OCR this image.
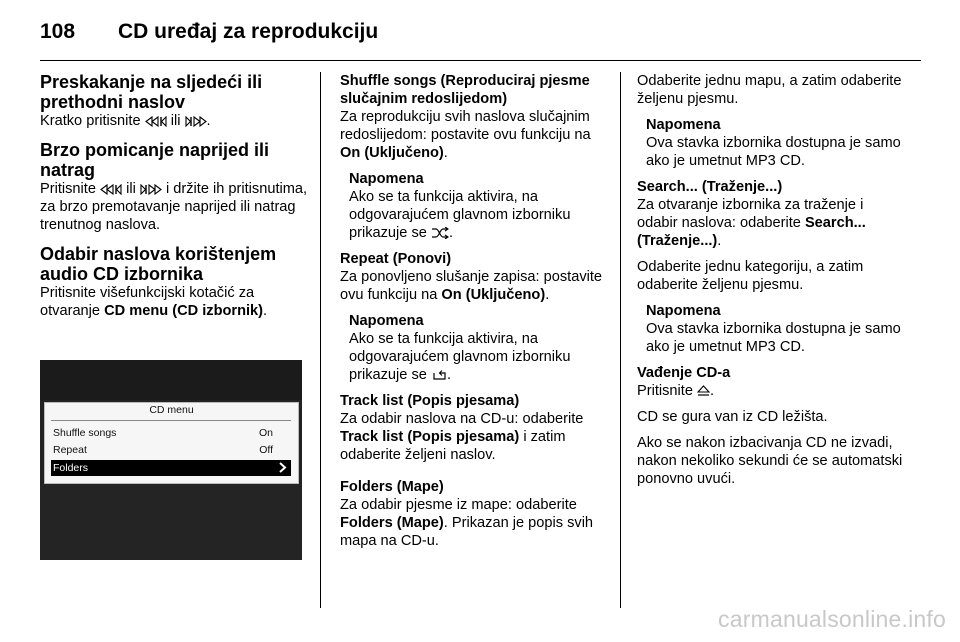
108 CD uređaj za reprodukciju
Preskakanje na sljedeći ili prethodni naslov

Kratko pritisnite ili .

Brzo pomicanje naprijed ili natrag

Pritisnite ili i držite ih pritisnutima, za brzo premotavanje naprijed ili natrag trenutnog naslova.

Odabir naslova korištenjem audio CD izbornika

Pritisnite višefunkcijski kotačić za otvaranje CD menu (CD izbornik).

CD menu
Shuffle songs	On
Repeat	Off
Folders

Shuffle songs (Reproduciraj pjesme slučajnim redoslijedom)

Za reprodukciju svih naslova slučajnim redoslijedom: postavite ovu funkciju na On (Uključeno).

Napomena
Ako se ta funkcija aktivira, na odgovarajućem glavnom izborniku prikazuje se .

Repeat (Ponovi)

Za ponovljeno slušanje zapisa: postavite ovu funkciju na On (Uključeno).

Napomena
Ako se ta funkcija aktivira, na odgovarajućem glavnom izborniku prikazuje se .

Track list (Popis pjesama)

Za odabir naslova na CD-u: odaberite Track list (Popis pjesama) i zatim odaberite željeni naslov.

Folders (Mape)

Za odabir pjesme iz mape: odaberite Folders (Mape). Prikazan je popis svih mapa na CD-u.

Odaberite jednu mapu, a zatim odaberite željenu pjesmu.

Napomena
Ova stavka izbornika dostupna je samo ako je umetnut MP3 CD.

Search... (Traženje...)

Za otvaranje izbornika za traženje i odabir naslova: odaberite Search... (Traženje...).

Odaberite jednu kategoriju, a zatim odaberite željenu pjesmu.

Napomena
Ova stavka izbornika dostupna je samo ako je umetnut MP3 CD.

Vađenje CD-a

Pritisnite .

CD se gura van iz CD ležišta.

Ako se nakon izbacivanja CD ne izvadi, nakon nekoliko sekundi će se automatski ponovno uvući.

carmanualsonline.info
